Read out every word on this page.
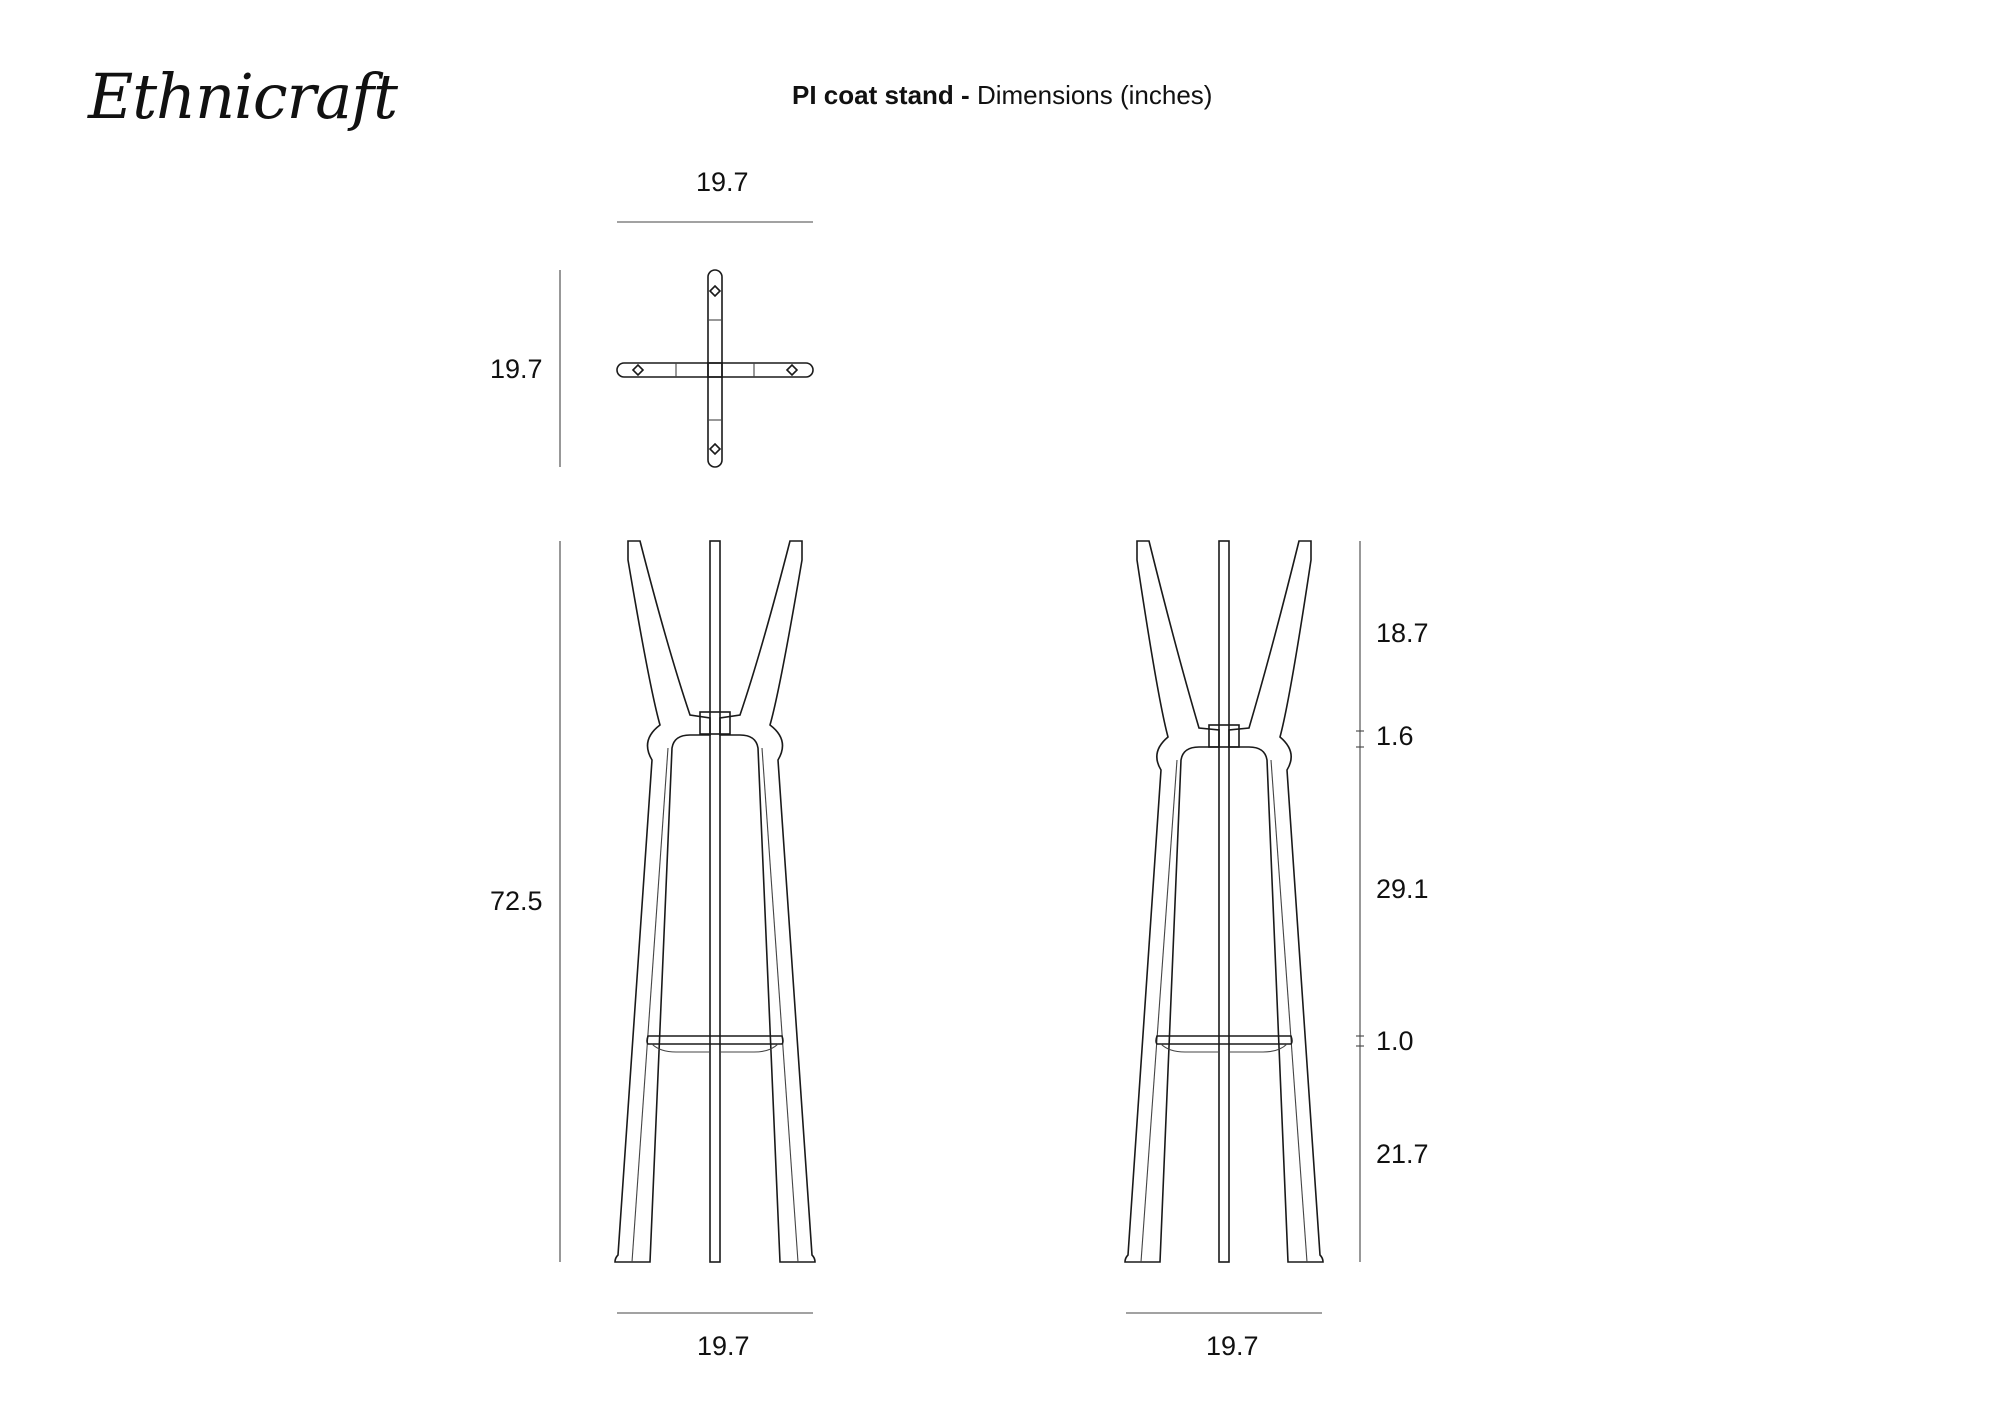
Ethnicraft	PI coat stand - Dimensions (inches)
19.7
19.7
72.5
19.7
18.7
1.6
29.1
1.0
21.7
19.7
